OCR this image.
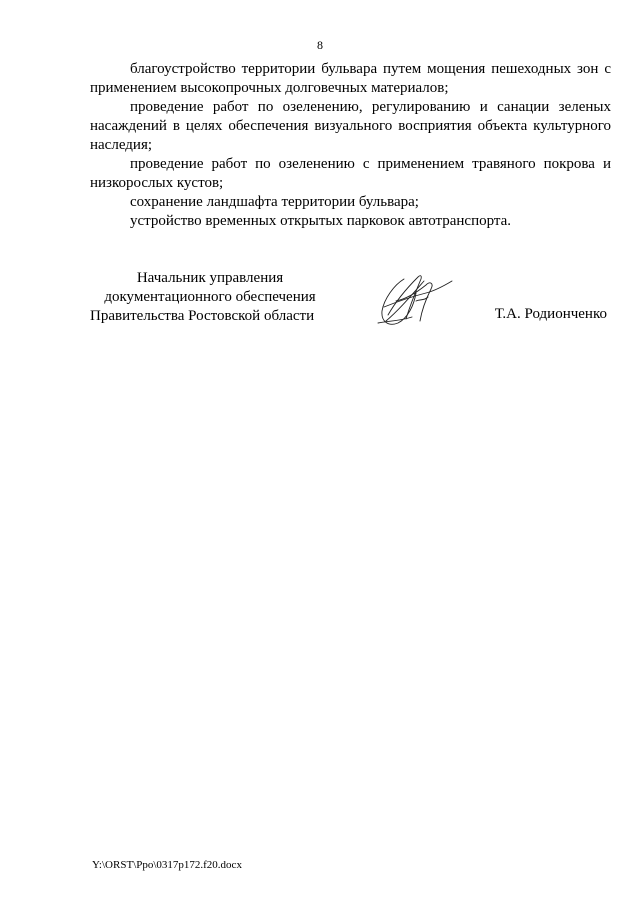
8

благоустройство территории бульвара путем мощения пешеходных зон с применением высокопрочных долговечных материалов;

проведение работ по озеленению, регулированию и санации зеленых насаждений в целях обеспечения визуального восприятия объекта культурного наследия;

проведение работ по озеленению с применением травяного покрова и низкорослых кустов;

сохранение ландшафта территории бульвара;

устройство временных открытых парковок автотранспорта.

Начальник управления
документационного обеспечения
Правительства Ростовской области	Т.А. Родионченко
Y:\ORST\Ppo\0317p172.f20.docx
